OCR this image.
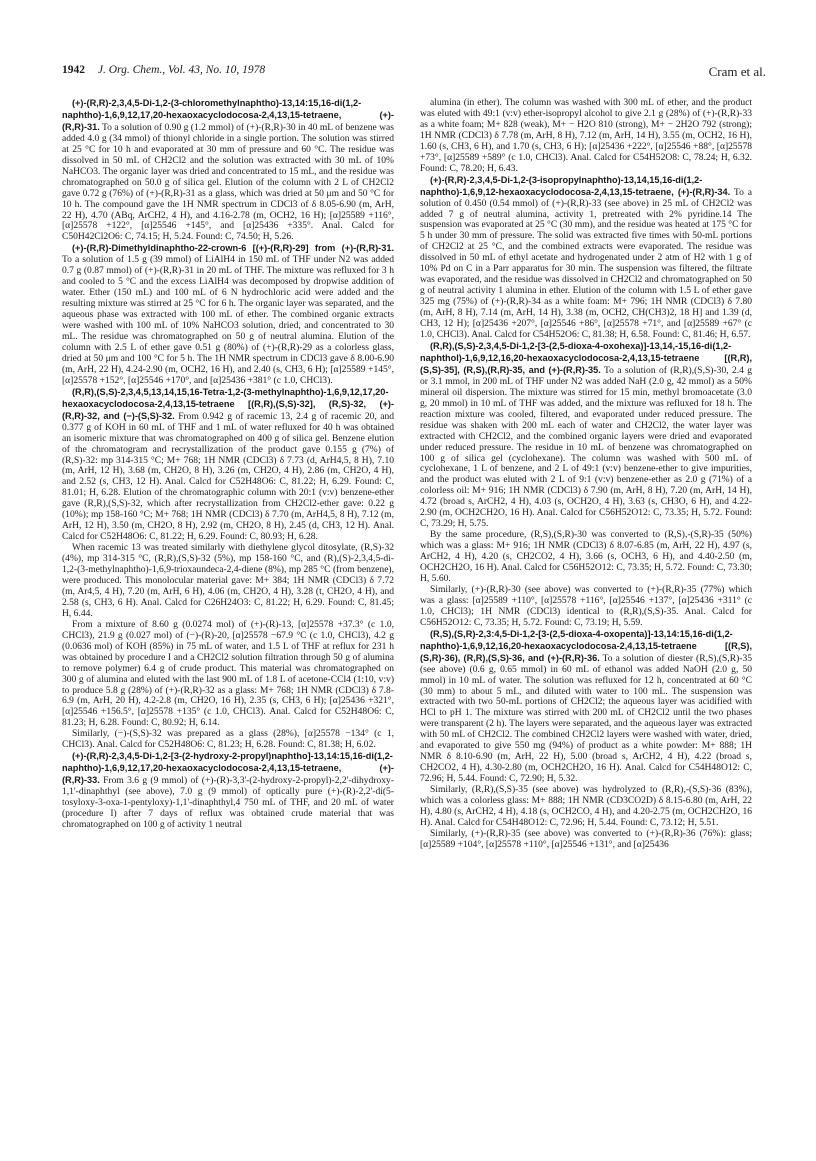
1942 J. Org. Chem., Vol. 43, No. 10, 1978	Cram et al.

(+)-(R,R)-2,3,4,5-Di-1,2-(3-chloromethylnaphtho)-13,14:15,16-di(1,2-naphtho)-1,6,9,12,17,20-hexaoxacyclodocosa-2,4,13,15-tetraene, (+)-(R,R)-31. To a solution of 0.90 g (1.2 mmol) of (+)-(R,R)-30 in 40 mL of benzene was added 4.0 g (34 mmol) of thionyl chloride in a single portion. The solution was stirred at 25 °C for 10 h and evaporated at 30 mm of pressure and 60 °C. The residue was dissolved in 50 mL of CH2Cl2 and the solution was extracted with 30 mL of 10% NaHCO3. The organic layer was dried and concentrated to 15 mL, and the residue was chromatographed on 50.0 g of silica gel. Elution of the column with 2 L of CH2Cl2 gave 0.72 g (76%) of (+)-(R,R)-31 as a glass, which was dried at 50 μm and 50 °C for 10 h. The compound gave the 1H NMR spectrum in CDCl3 of δ 8.05-6.90 (m, ArH, 22 H), 4.70 (ABq, ArCH2, 4 H), and 4.16-2.78 (m, OCH2, 16 H); [α]25589 +116°, [α]25578 +122°, [α]25546 +145°, and [α]25436 +335°. Anal. Calcd for C50H42Cl2O6: C, 74.15; H, 5.24. Found: C, 74.50; H, 5.26.

(+)-(R,R)-Dimethyldinaphtho-22-crown-6 [(+)-(R,R)-29] from (+)-(R,R)-31. To a solution of 1.5 g (39 mmol) of LiAlH4 in 150 mL of THF under N2 was added 0.7 g (0.87 mmol) of (+)-(R,R)-31 in 20 mL of THF. The mixture was refluxed for 3 h and cooled to 5 °C and the excess LiAlH4 was decomposed by dropwise addition of water. Ether (150 mL) and 100 mL of 6 N hydrochloric acid were added and the resulting mixture was stirred at 25 °C for 6 h. The organic layer was separated, and the aqueous phase was extracted with 100 mL of ether. The combined organic extracts were washed with 100 mL of 10% NaHCO3 solution, dried, and concentrated to 30 mL. The residue was chromatographed on 50 g of neutral alumina. Elution of the column with 2.5 L of ether gave 0.51 g (80%) of (+)-(R,R)-29 as a colorless glass, dried at 50 μm and 100 °C for 5 h. The 1H NMR spectrum in CDCl3 gave δ 8.00-6.90 (m, ArH, 22 H), 4.24-2.90 (m, OCH2, 16 H), and 2.40 (s, CH3, 6 H); [α]25589 +145°, [α]25578 +152°, [α]25546 +170°, and [α]25436 +381° (c 1.0, CHCl3).

(R,R),(S,S)-2,3,4,5,13,14,15,16-Tetra-1,2-(3-methylnaphtho)-1,6,9,12,17,20-hexaoxacyclodocosa-2,4,13,15-tetraene [(R,R),(S,S)-32], (R,S)-32, (+)-(R,R)-32, and (−)-(S,S)-32. From 0.942 g of racemic 13, 2.4 g of racemic 20, and 0.377 g of KOH in 60 mL of THF and 1 mL of water refluxed for 40 h was obtained an isomeric mixture that was chromatographed on 400 g of silica gel. Benzene elution of the chromatogram and recrystallization of the product gave 0.155 g (7%) of (R,S)-32: mp 314-315 °C; M+ 768; 1H NMR (CDCl3) δ 7.73 (d, ArH4,5, 8 H), 7.10 (m, ArH, 12 H), 3.68 (m, CH2O, 8 H), 3.26 (m, CH2O, 4 H), 2.86 (m, CH2O, 4 H), and 2.52 (s, CH3, 12 H). Anal. Calcd for C52H48O6: C, 81.22; H, 6.29. Found: C, 81.01; H, 6.28. Elution of the chromatographic column with 20:1 (v:v) benzene-ether gave (R,R),(S,S)-32, which after recrystallization from CH2Cl2-ether gave: 0.22 g (10%); mp 158-160 °C; M+ 768; 1H NMR (CDCl3) δ 7.70 (m, ArH4,5, 8 H), 7.12 (m, ArH, 12 H), 3.50 (m, CH2O, 8 H), 2.92 (m, CH2O, 8 H), 2.45 (d, CH3, 12 H). Anal. Calcd for C52H48O6: C, 81.22; H, 6.29. Found: C, 80.93; H, 6.28.

When racemic 13 was treated similarly with diethylene glycol ditosylate, (R,S)-32 (4%), mp 314-315 °C, (R,R),(S,S)-32 (5%), mp 158-160 °C, and (R),(S)-2,3,4,5-di-1,2-(3-methylnaphtho)-1,6,9-trioxaundeca-2,4-diene (8%), mp 285 °C (from benzene), were produced. This monolocular material gave: M+ 384; 1H NMR (CDCl3) δ 7.72 (m, Ar4,5, 4 H), 7.20 (m, ArH, 6 H), 4.06 (m, CH2O, 4 H), 3.28 (t, CH2O, 4 H), and 2.58 (s, CH3, 6 H). Anal. Calcd for C26H24O3: C, 81.22; H, 6.29. Found: C, 81.45; H, 6.44.

From a mixture of 8.60 g (0.0274 mol) of (+)-(R)-13, [α]25578 +37.3° (c 1.0, CHCl3), 21.9 g (0.027 mol) of (−)-(R)-20, [α]25578 −67.9 °C (c 1.0, CHCl3), 4.2 g (0.0636 mol) of KOH (85%) in 75 mL of water, and 1.5 L of THF at reflux for 231 h was obtained by procedure I and a CH2Cl2 solution filtration through 50 g of alumina to remove polymer) 6.4 g of crude product. This material was chromatographed on 300 g of alumina and eluted with the last 900 mL of 1.8 L of acetone-CCl4 (1:10, v:v) to produce 5.8 g (28%) of (+)-(R,R)-32 as a glass: M+ 768; 1H NMR (CDCl3) δ 7.8-6.9 (m, ArH, 20 H), 4.2-2.8 (m, CH2O, 16 H), 2.35 (s, CH3, 6 H); [α]25436 +321°, [α]25546 +156.5°, [α]25578 +135° (c 1.0, CHCl3). Anal. Calcd for C52H48O6: C, 81.23; H, 6.28. Found: C, 80.92; H, 6.14.

Similarly, (−)-(S,S)-32 was prepared as a glass (28%), [α]25578 −134° (c 1, CHCl3). Anal. Calcd for C52H48O6: C, 81.23; H, 6.28. Found: C, 81.38; H, 6.02.

(+)-(R,R)-2,3,4,5-Di-1,2-[3-(2-hydroxy-2-propyl)naphtho]-13,14:15,16-di(1,2-naphtho)-1,6,9,12,17,20-hexaoxacyclodocosa-2,4,13,15-tetraene, (+)-(R,R)-33. From 3.6 g (9 mmol) of (+)-(R)-3,3'-(2-hydroxy-2-propyl)-2,2'-dihydroxy-1,1'-dinaphthyl (see above), 7.0 g (9 mmol) of optically pure (+)-(R)-2,2'-di(5-tosyloxy-3-oxa-1-pentyloxy)-1,1'-dinaphthyl,4 750 mL of THF, and 20 mL of water (procedure I) after 7 days of reflux was obtained crude material that was chromatographed on 100 g of activity 1 neutral

alumina (in ether). The column was washed with 300 mL of ether, and the product was eluted with 49:1 (v:v) ether-isopropyl alcohol to give 2.1 g (28%) of (+)-(R,R)-33 as a white foam; M+ 828 (weak), M+ − H2O 810 (strong), M+ − 2H2O 792 (strong); 1H NMR (CDCl3) δ 7.78 (m, ArH, 8 H), 7.12 (m, ArH, 14 H), 3.55 (m, OCH2, 16 H), 1.60 (s, CH3, 6 H), and 1.70 (s, CH3, 6 H); [α]25436 +222°, [α]25546 +88°, [α]25578 +73°, [α]25589 +589° (c 1.0, CHCl3). Anal. Calcd for C54H52O8: C, 78.24; H, 6.32. Found: C, 78.20; H, 6.43.

(+)-(R,R)-2,3,4,5-Di-1,2-(3-isopropylnaphtho)-13,14,15,16-di(1,2-naphtho)-1,6,9,12-hexaoxacyclodocosa-2,4,13,15-tetraene, (+)-(R,R)-34. To a solution of 0.450 (0.54 mmol) of (+)-(R,R)-33 (see above) in 25 mL of CH2Cl2 was added 7 g of neutral alumina, activity 1, pretreated with 2% pyridine.14 The suspension was evaporated at 25 °C (30 mm), and the residue was heated at 175 °C for 5 h under 30 mm of pressure. The solid was extracted five times with 50-mL portions of CH2Cl2 at 25 °C, and the combined extracts were evaporated. The residue was dissolved in 50 mL of ethyl acetate and hydrogenated under 2 atm of H2 with 1 g of 10% Pd on C in a Parr apparatus for 30 min. The suspension was filtered, the filtrate was evaporated, and the residue was dissolved in CH2Cl2 and chromatographed on 50 g of neutral activity 1 alumina in ether. Elution of the column with 1.5 L of ether gave 325 mg (75%) of (+)-(R,R)-34 as a white foam: M+ 796; 1H NMR (CDCl3) δ 7.80 (m, ArH, 8 H), 7.14 (m, ArH, 14 H), 3.38 (m, OCH2, CH(CH3)2, 18 H] and 1.39 (d, CH3, 12 H); [α]25436 +207°, [α]25546 +86°, [α]25578 +71°, and [α]25589 +67° (c 1.0, CHCl3). Anal. Calcd for C54H52O6: C, 81.38; H, 6.58. Found: C, 81.46; H, 6.57.

(R,R),(S,S)-2,3,4,5-Di-1,2-[3-(2,5-dioxa-4-oxohexa)]-13,14,-15,16-di(1,2-naphthol)-1,6,9,12,16,20-hexaoxacyclodocosa-2,4,13,15-tetraene [(R,R),(S,S)-35], (R,S),(R,R)-35, and (+)-(R,R)-35. To a solution of (R,R),(S,S)-30, 2.4 g or 3.1 mmol, in 200 mL of THF under N2 was added NaH (2.0 g, 42 mmol) as a 50% mineral oil dispersion. The mixture was stirred for 15 min, methyl bromoacetate (3.0 g, 20 mmol) in 10 mL of THF was added, and the mixture was refluxed for 18 h. The reaction mixture was cooled, filtered, and evaporated under reduced pressure. The residue was shaken with 200 mL each of water and CH2Cl2, the water layer was extracted with CH2Cl2, and the combined organic layers were dried and evaporated under reduced pressure. The residue in 10 mL of benzene was chromatographed on 100 g of silica gel (cyclohexane). The column was washed with 500 mL of cyclohexane, 1 L of benzene, and 2 L of 49:1 (v:v) benzene-ether to give impurities, and the product was eluted with 2 L of 9:1 (v:v) benzene-ether as 2.0 g (71%) of a colorless oil: M+ 916; 1H NMR (CDCl3) δ 7.90 (m, ArH, 8 H), 7.20 (m, ArH, 14 H), 4.72 (broad s, ArCH2, 4 H), 4.03 (s, OCH2O, 4 H), 3.63 (s, CH3O, 6 H), and 4.22-2.90 (m, OCH2CH2O, 16 H). Anal. Calcd for C56H52O12: C, 73.35; H, 5.72. Found: C, 73.29; H, 5.75.

By the same procedure, (R,S),(S,R)-30 was converted to (R,S),-(S,R)-35 (50%) which was a glass: M+ 916; 1H NMR (CDCl3) δ 8.07-6.85 (m, ArH, 22 H), 4.97 (s, ArCH2, 4 H), 4.20 (s, CH2CO2, 4 H), 3.66 (s, OCH3, 6 H), and 4.40-2.50 (m, OCH2CH2O, 16 H). Anal. Calcd for C56H52O12: C, 73.35; H, 5.72. Found: C, 73.30; H, 5.60.

Similarly, (+)-(R,R)-30 (see above) was converted to (+)-(R,R)-35 (77%) which was a glass: [α]25589 +110°, [α]25578 +116°, [α]25546 +137°, [α]25436 +311° (c 1.0, CHCl3); 1H NMR (CDCl3) identical to (R,R),(S,S)-35. Anal. Calcd for C56H52O12: C, 73.35; H, 5.72. Found: C, 73.19; H, 5.59.

(R,S),(S,R)-2,3:4,5-Di-1,2-[3-(2,5-dioxa-4-oxopenta)]-13,14:15,16-di(1,2-naphtho)-1,6,9,12,16,20-hexaoxacyclodocosa-2,4,13,15-tetraene [(R,S),(S,R)-36), (R,R),(S,S)-36, and (+)-(R,R)-36. To a solution of diester (R,S),(S,R)-35 (see above) (0.6 g, 0.65 mmol) in 60 mL of ethanol was added NaOH (2.0 g, 50 mmol) in 10 mL of water. The solution was refluxed for 12 h, concentrated at 60 °C (30 mm) to about 5 mL, and diluted with water to 100 mL. The suspension was extracted with two 50-mL portions of CH2Cl2; the aqueous layer was acidified with HCl to pH 1. The mixture was stirred with 200 mL of CH2Cl2 until the two phases were transparent (2 h). The layers were separated, and the aqueous layer was extracted with 50 mL of CH2Cl2. The combined CH2Cl2 layers were washed with water, dried, and evaporated to give 550 mg (94%) of product as a white powder: M+ 888; 1H NMR δ 8.10-6.90 (m, ArH, 22 H), 5.00 (broad s, ArCH2, 4 H), 4.22 (broad s, CH2CO2, 4 H), 4.30-2.80 (m, OCH2CH2O, 16 H). Anal. Calcd for C54H48O12: C, 72.96; H, 5.44. Found: C, 72.90; H, 5.32.

Similarly, (R,R),(S,S)-35 (see above) was hydrolyzed to (R,R),-(S,S)-36 (83%), which was a colorless glass: M+ 888; 1H NMR (CD3CO2D) δ 8.15-6.80 (m, ArH, 22 H), 4.80 (s, ArCH2, 4 H), 4.18 (s, OCH2CO, 4 H), and 4.20-2.75 (m, OCH2CH2O, 16 H). Anal. Calcd for C54H48O12: C, 72.96; H, 5.44. Found: C, 73.12; H, 5.51.

Similarly, (+)-(R,R)-35 (see above) was converted to (+)-(R,R)-36 (76%): glass; [α]25589 +104°, [α]25578 +110°, [α]25546 +131°, and [α]25436
